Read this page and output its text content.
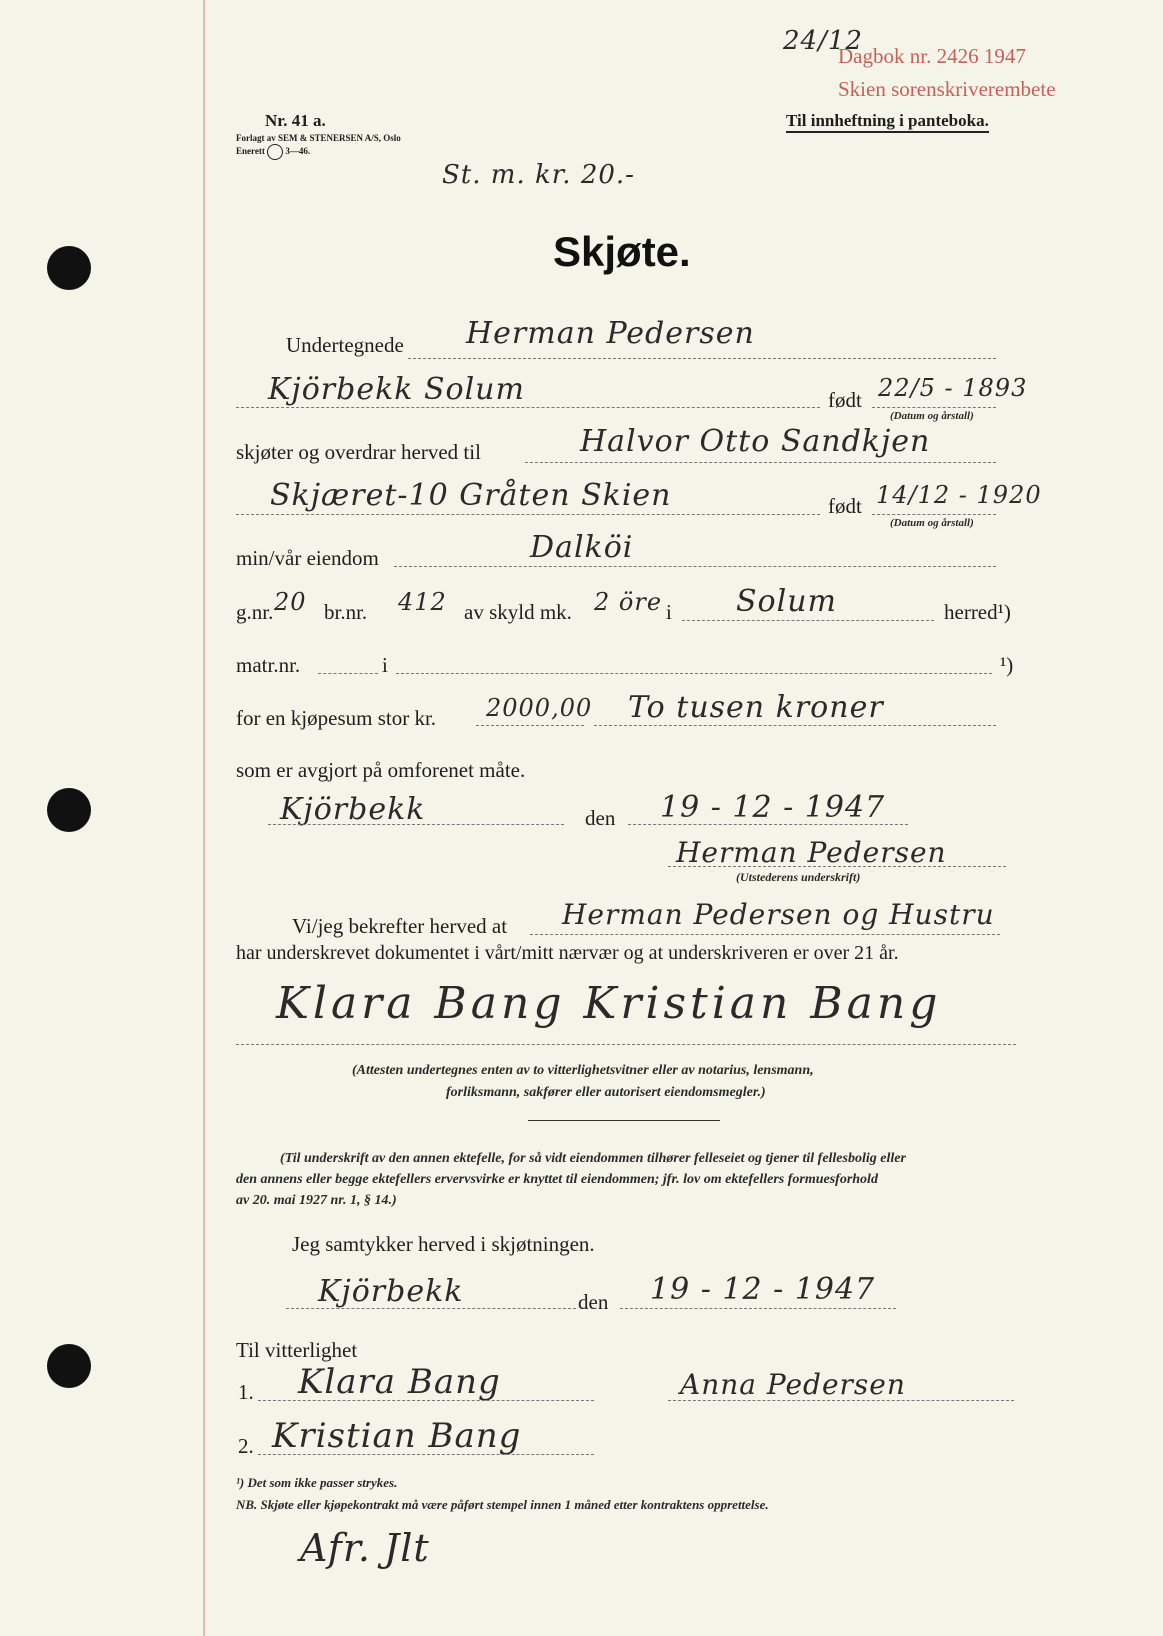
Nr. 41 a.
Forlagt av SEM & STENERSEN A/S, Oslo
Enerett 3—46.
24/12
Dagbok nr. 2426 1947
Skien sorenskriverembete
Til innheftning i panteboka.
St. m. kr. 20.-
Skjøte.
Undertegnede Herman Pedersen
Kjörbekk Solum	født 22/5 - 1893
(Datum og årstall)
skjøter og overdrar herved til	Halvor Otto Sandkjen
Skjæret-10 Gråten Skien	født 14/12 - 1920
(Datum og årstall)
min/vår eiendom	Dalköi
g.nr. 20 br.nr. 412 av skyld mk. 2 öre i Solum	herred¹)
matr.nr.	i	¹)
for en kjøpesum stor kr. 2000,00 To tusen kroner
som er avgjort på omforenet måte.
Kjörbekk	den 19 - 12 - 1947
Herman Pedersen
(Utstederens underskrift)
Vi/jeg bekrefter herved at Herman Pedersen og Hustru
har underskrevet dokumentet i vårt/mitt nærvær og at underskriveren er over 21 år.
Klara Bang Kristian Bang
(Attesten undertegnes enten av to vitterlighetsvitner eller av notarius, lensmann,
forliksmann, sakfører eller autorisert eiendomsmegler.)
(Til underskrift av den annen ektefelle, for så vidt eiendommen tilhører felleseiet og tjener til fellesbolig eller
den annens eller begge ektefellers ervervsvirke er knyttet til eiendommen; jfr. lov om ektefellers formuesforhold
av 20. mai 1927 nr. 1, § 14.)
Jeg samtykker herved i skjøtningen.
Kjörbekk	den 19 - 12 - 1947
Til vitterlighet
1. Klara Bang	Anna Pedersen
2. Kristian Bang
¹) Det som ikke passer strykes.
NB. Skjøte eller kjøpekontrakt må være påført stempel innen 1 måned etter kontraktens opprettelse.
Afr. Jlt
